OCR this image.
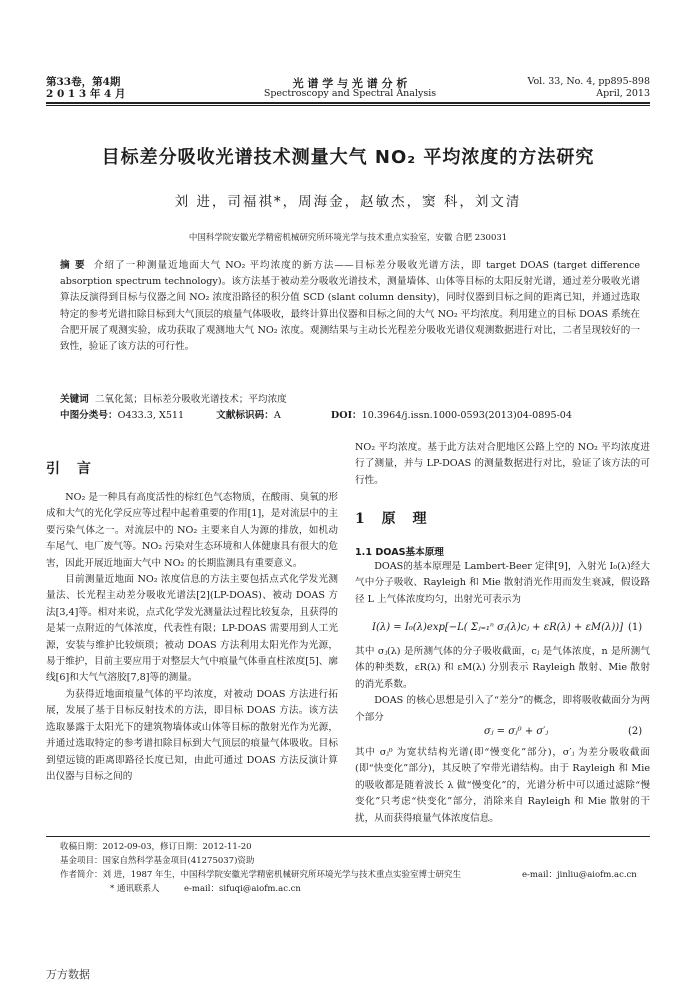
第33卷，第4期
2 0 1 3 年 4 月
光 谱 学 与 光 谱 分 析
Spectroscopy and Spectral Analysis
Vol. 33, No. 4, pp895-898
April, 2013
目标差分吸收光谱技术测量大气 NO₂ 平均浓度的方法研究
刘 进，司福祺*，周海金，赵敏杰，窦 科，刘文清
中国科学院安徽光学精密机械研究所环境光学与技术重点实验室，安徽 合肥 230031
摘 要 介绍了一种测量近地面大气 NO₂ 平均浓度的新方法——目标差分吸收光谱方法，即 target DOAS (target difference absorption spectrum technology)。该方法基于被动差分吸收光谱技术，测量墙体、山体等目标的太阳反射光谱，通过差分吸收光谱算法反演得到目标与仪器之间 NO₂ 浓度沿路径的积分值 SCD (slant column density)，同时仪器到目标之间的距离已知，并通过选取特定的参考光谱扣除目标到大气顶层的痕量气体吸收，最终计算出仪器和目标之间的大气 NO₂ 平均浓度。利用建立的目标 DOAS 系统在合肥开展了观测实验，成功获取了观测地大气 NO₂ 浓度。观测结果与主动长光程差分吸收光谱仪观测数据进行对比，二者呈现较好的一致性，验证了该方法的可行性。
关键词 二氧化氮；目标差分吸收光谱技术；平均浓度
中图分类号：O433.3, X511	文献标识码：A	DOI：10.3964/j.issn.1000-0593(2013)04-0895-04
引 言

NO₂ 是一种具有高度活性的棕红色气态物质，在酸雨、臭氧的形成和大气的光化学反应等过程中起着重要的作用[1]，是对流层中的主要污染气体之一。对流层中的 NO₂ 主要来自人为源的排放，如机动车尾气、电厂废气等。NO₂ 污染对生态环境和人体健康具有很大的危害，因此开展近地面大气中 NO₂ 的长期监测具有重要意义。

目前测量近地面 NO₂ 浓度信息的方法主要包括点式化学发光测量法、长光程主动差分吸收光谱法[2](LP-DOAS)、被动 DOAS 方法[3,4]等。相对来说，点式化学发光测量法过程比较复杂，且获得的是某一点附近的气体浓度，代表性有限；LP-DOAS 需要用到人工光源，安装与维护比较烦琐；被动 DOAS 方法利用太阳光作为光源，易于维护，目前主要应用于对整层大气中痕量气体垂直柱浓度[5]、廓线[6]和大气气溶胶[7,8]等的测量。

为获得近地面痕量气体的平均浓度，对被动 DOAS 方法进行拓展，发展了基于目标反射技术的方法，即目标 DOAS 方法。该方法选取暴露于太阳光下的建筑物墙体或山体等目标的散射光作为光源，并通过选取特定的参考谱扣除目标到大气顶层的痕量气体吸收。目标到望远镜的距离即路径长度已知，由此可通过 DOAS 方法反演计算出仪器与目标之间的

NO₂ 平均浓度。基于此方法对合肥地区公路上空的 NO₂ 平均浓度进行了测量，并与 LP-DOAS 的测量数据进行对比，验证了该方法的可行性。

1 原 理
1.1 DOAS基本原理

DOAS的基本原理是 Lambert-Beer 定律[9]，入射光 I₀(λ)经大气中分子吸收、Rayleigh 和 Mie 散射消光作用而发生衰减，假设路径 L 上气体浓度均匀，出射光可表示为

I(λ) = I₀(λ)exp[−L( Σⱼ₌₁ⁿ σⱼ(λ)cⱼ + εR(λ) + εM(λ))] (1)

其中 σⱼ(λ) 是所测气体的分子吸收截面，cⱼ 是气体浓度，n 是所测气体的种类数，εR(λ) 和 εM(λ) 分别表示 Rayleigh 散射、Mie 散射的消光系数。

DOAS 的核心思想是引入了“差分”的概念，即将吸收截面分为两个部分

σⱼ = σⱼ⁰ + σ′ⱼ	(2)

其中 σⱼ⁰ 为宽状结构光谱(即“慢变化”部分)，σ′ⱼ 为差分吸收截面(即“快变化”部分)，其反映了窄带光谱结构。由于 Rayleigh 和 Mie 的吸收都是随着波长 λ 做“慢变化”的，光谱分析中可以通过滤除“慢变化”只考虑“快变化”部分，消除来自 Rayleigh 和 Mie 散射的干扰，从而获得痕量气体浓度信息。

收稿日期：2012-09-03，修订日期：2012-11-20
基金项目：国家自然科学基金项目(41275037)资助
作者简介：刘 进，1987 年生，中国科学院安徽光学精密机械研究所环境光学与技术重点实验室博士研究生	e-mail：jinliu@aiofm.ac.cn
* 通讯联系人	e-mail：sifuqi@aiofm.ac.cn
万方数据
